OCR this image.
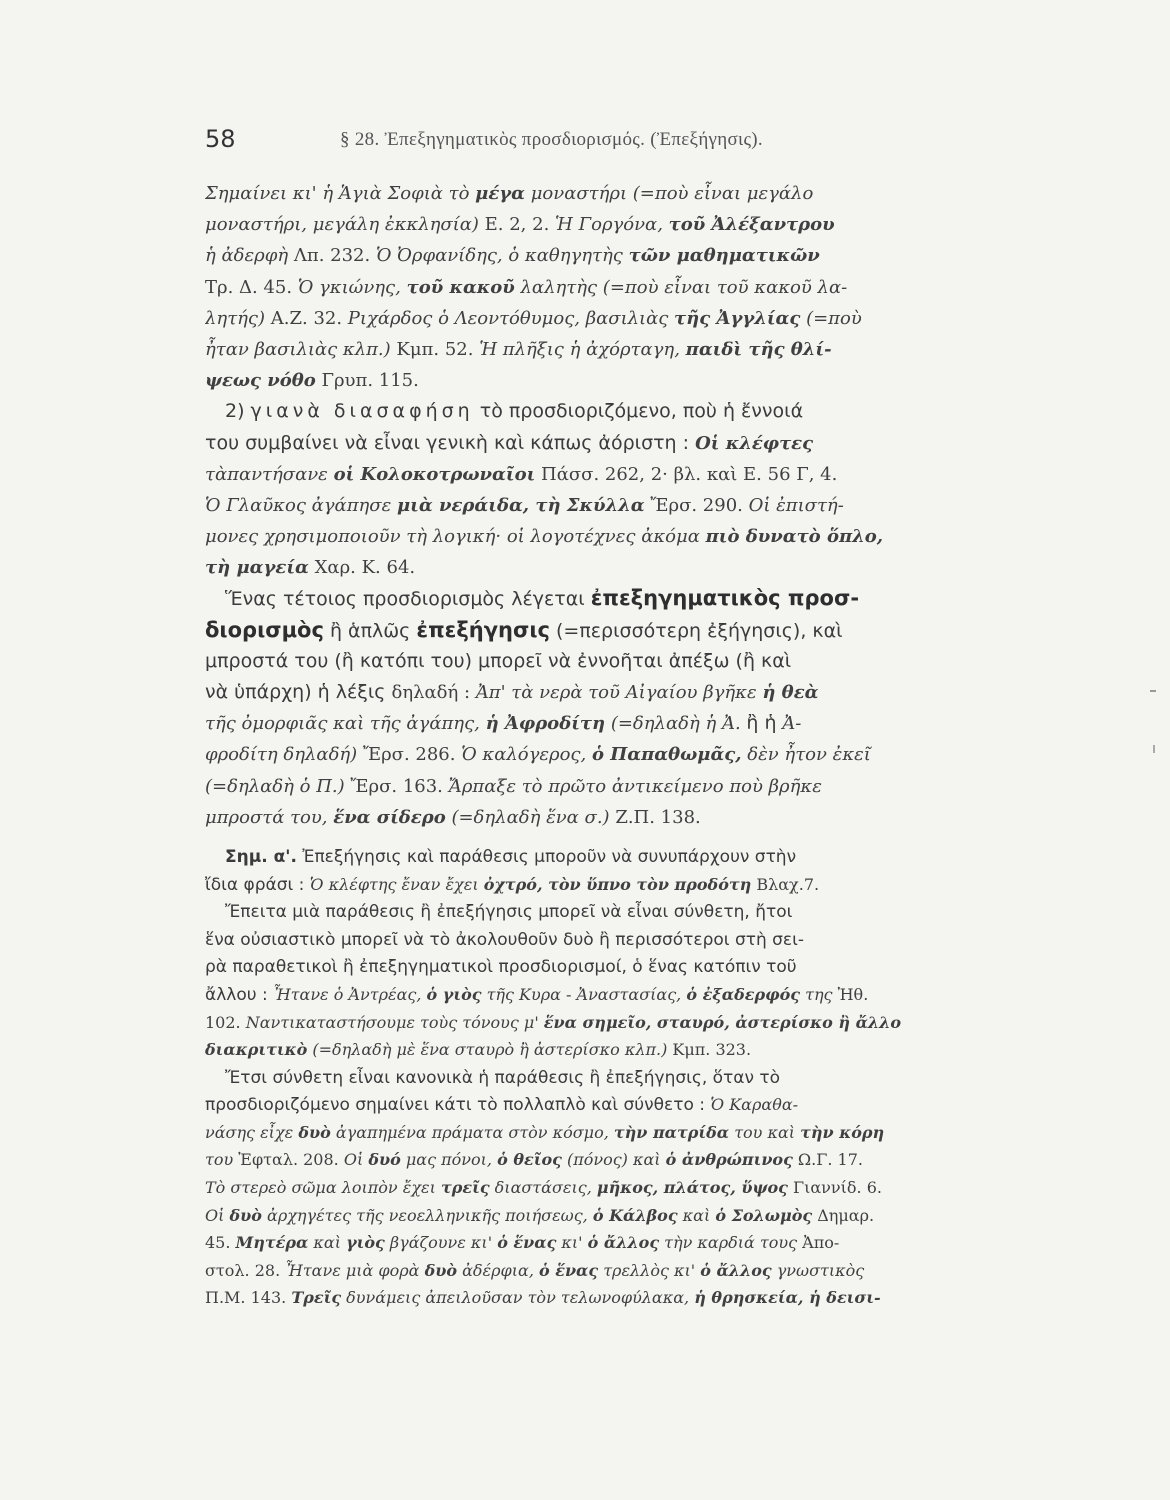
58	§ 28. Ἐπεξηγηματικὸς προσδιορισμός. (Ἐπεξήγησις).
Σημαίνει κι' ἡ Ἁγιὰ Σοφιὰ τὸ μέγα μοναστήρι (=ποὺ εἶναι μεγάλο
μοναστήρι, μεγάλη ἐκκλησία) Ε. 2, 2. Ἡ Γοργόνα, τοῦ Ἀλέξαντρου
ἡ ἀδερφὴ Λπ. 232. Ὁ Ὀρφανίδης, ὁ καθηγητὴς τῶν μαθηματικῶν
Τρ. Δ. 45. Ὁ γκιώνης, τοῦ κακοῦ λαλητὴς (=ποὺ εἶναι τοῦ κακοῦ λα-
λητής) Α.Ζ. 32. Ριχάρδος ὁ Λεοντόθυμος, βασιλιὰς τῆς Ἀγγλίας (=ποὺ
ἦταν βασιλιὰς κλπ.) Κμπ. 52. Ἡ πλῆξις ἡ ἀχόρταγη, παιδὶ τῆς θλί-
ψεως νόθο Γρυπ. 115.
2) γιανὰ διασαφήση τὸ προσδιοριζόμενο, ποὺ ἡ ἔννοιά
του συμβαίνει νὰ εἶναι γενικὴ καὶ κάπως ἀόριστη : Οἱ κλέφτες
τὰπαντήσανε οἱ Κολοκοτρωναῖοι Πάσσ. 262, 2· βλ. καὶ Ε. 56 Γ, 4.
Ὁ Γλαῦκος ἀγάπησε μιὰ νεράιδα, τὴ Σκύλλα Ἔρσ. 290. Οἱ ἐπιστή-
μονες χρησιμοποιοῦν τὴ λογική· οἱ λογοτέχνες ἀκόμα πιὸ δυνατὸ ὅπλο,
τὴ μαγεία Χαρ. Κ. 64.
Ἕνας τέτοιος προσδιορισμὸς λέγεται ἐπεξηγηματικὸς προσ-
διορισμὸς ἢ ἁπλῶς ἐπεξήγησις (=περισσότερη ἐξήγησις), καὶ
μπροστά του (ἢ κατόπι του) μπορεῖ νὰ ἐννοῆται ἀπέξω (ἢ καὶ
νὰ ὑπάρχη) ἡ λέξις δηλαδή : Ἀπ' τὰ νερὰ τοῦ Αἰγαίου βγῆκε ἡ θεὰ
τῆς ὀμορφιᾶς καὶ τῆς ἀγάπης, ἡ Ἀφροδίτη (=δηλαδὴ ἡ Ἀ. ἢ ἡ Ἀ-
φροδίτη δηλαδή) Ἔρσ. 286. Ὁ καλόγερος, ὁ Παπαθωμᾶς, δὲν ἦτον ἐκεῖ
(=δηλαδὴ ὁ Π.) Ἔρσ. 163. Ἄρπαξε τὸ πρῶτο ἀντικείμενο ποὺ βρῆκε
μπροστά του, ἕνα σίδερο (=δηλαδὴ ἕνα σ.) Ζ.Π. 138.
Σημ. α'. Ἐπεξήγησις καὶ παράθεσις μποροῦν νὰ συνυπάρχουν στὴν
ἴδια φράσι : Ὁ κλέφτης ἔναν ἔχει ὀχτρό, τὸν ὕπνο τὸν προδότη Βλαχ.7.
Ἔπειτα μιὰ παράθεσις ἢ ἐπεξήγησις μπορεῖ νὰ εἶναι σύνθετη, ἤτοι
ἕνα οὐσιαστικὸ μπορεῖ νὰ τὸ ἀκολουθοῦν δυὸ ἢ περισσότεροι στὴ σει-
ρὰ παραθετικοὶ ἢ ἐπεξηγηματικοὶ προσδιορισμοί, ὁ ἕνας κατόπιν τοῦ
ἄλλου : Ἦτανε ὁ Ἀντρέας, ὁ γιὸς τῆς Κυρα - Ἀναστασίας, ὁ ἐξαδερφός της Ἠθ.
102. Ναντικαταστήσουμε τοὺς τόνους μ' ἕνα σημεῖο, σταυρό, ἀστερίσκο ἢ ἄλλο
διακριτικὸ (=δηλαδὴ μὲ ἕνα σταυρὸ ἢ ἀστερίσκο κλπ.) Κμπ. 323.
Ἔτσι σύνθετη εἶναι κανονικὰ ἡ παράθεσις ἢ ἐπεξήγησις, ὅταν τὸ
προσδιοριζόμενο σημαίνει κάτι τὸ πολλαπλὸ καὶ σύνθετο : Ὁ Καραθα-
νάσης εἶχε δυὸ ἀγαπημένα πράματα στὸν κόσμο, τὴν πατρίδα του καὶ τὴν κόρη
του Ἐφταλ. 208. Οἱ δυό μας πόνοι, ὁ θεῖος (πόνος) καὶ ὁ ἀνθρώπινος Ω.Γ. 17.
Τὸ στερεὸ σῶμα λοιπὸν ἔχει τρεῖς διαστάσεις, μῆκος, πλάτος, ὕψος Γιαννίδ. 6.
Οἱ δυὸ ἀρχηγέτες τῆς νεοελληνικῆς ποιήσεως, ὁ Κάλβος καὶ ὁ Σολωμὸς Δημαρ.
45. Μητέρα καὶ γιὸς βγάζουνε κι' ὁ ἕνας κι' ὁ ἄλλος τὴν καρδιά τους Ἀπο-
στολ. 28. Ἦτανε μιὰ φορὰ δυὸ ἀδέρφια, ὁ ἕνας τρελλὸς κι' ὁ ἄλλος γνωστικὸς
Π.Μ. 143. Τρεῖς δυνάμεις ἀπειλοῦσαν τὸν τελωνοφύλακα, ἡ θρησκεία, ἡ δεισι-
